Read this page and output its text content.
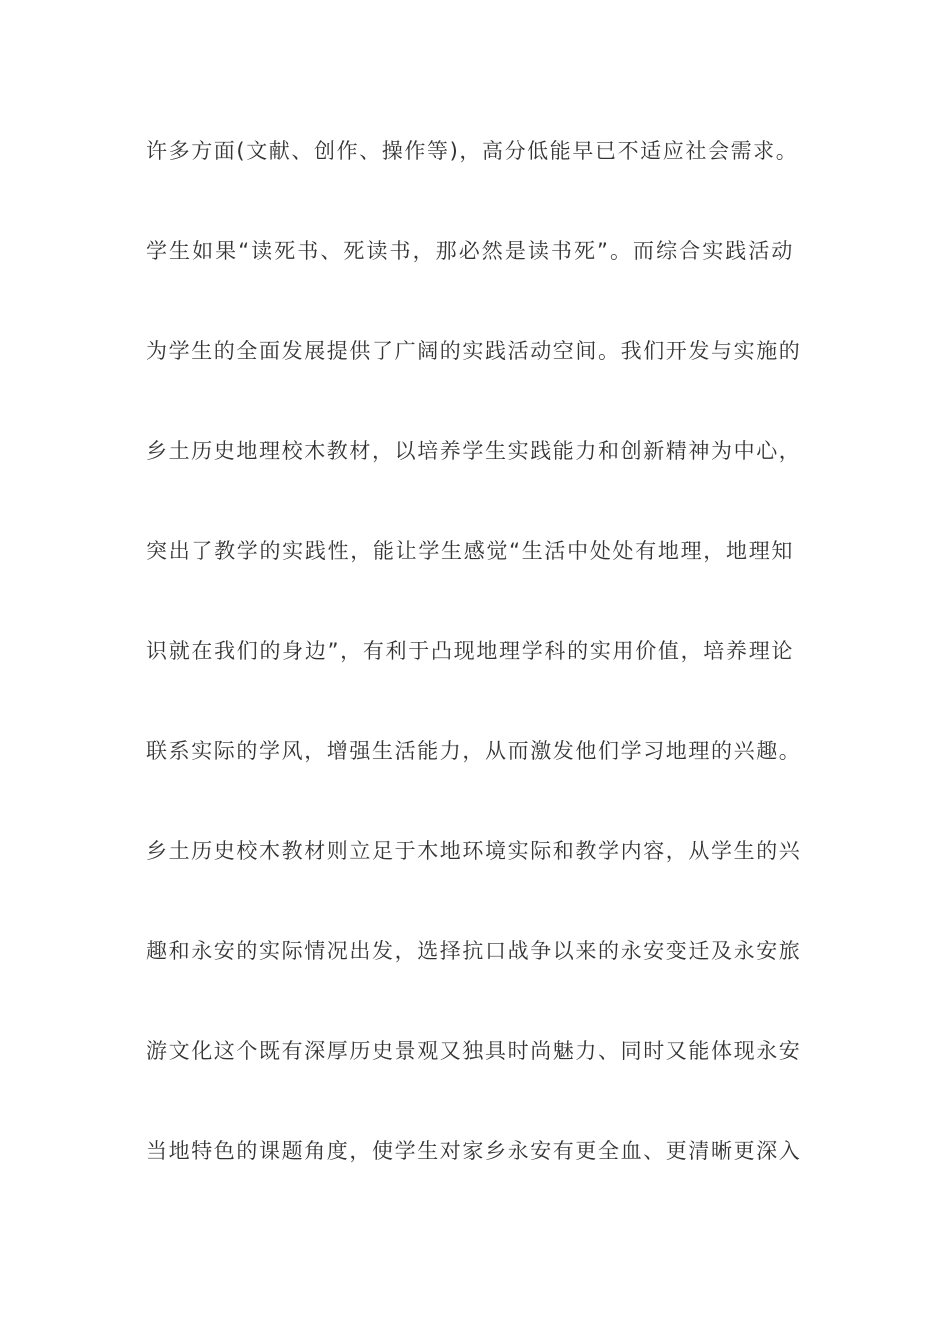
许多方面(文献、创作、操作等)，高分低能早已不适应社会需求。
学生如果“读死书、死读书，那必然是读书死”。而综合实践活动
为学生的全面发展提供了广阔的实践活动空间。我们开发与实施的
乡土历史地理校木教材，以培养学生实践能力和创新精神为中心，
突出了教学的实践性，能让学生感觉“生活中处处有地理，地理知
识就在我们的身边”，有利于凸现地理学科的实用价值，培养理论
联系实际的学风，增强生活能力，从而激发他们学习地理的兴趣。
乡土历史校木教材则立足于木地环境实际和教学内容，从学生的兴
趣和永安的实际情况出发，选择抗口战争以来的永安变迁及永安旅
游文化这个既有深厚历史景观又独具时尚魅力、同时又能体现永安
当地特色的课题角度，使学生对家乡永安有更全血、更清晰更深入
